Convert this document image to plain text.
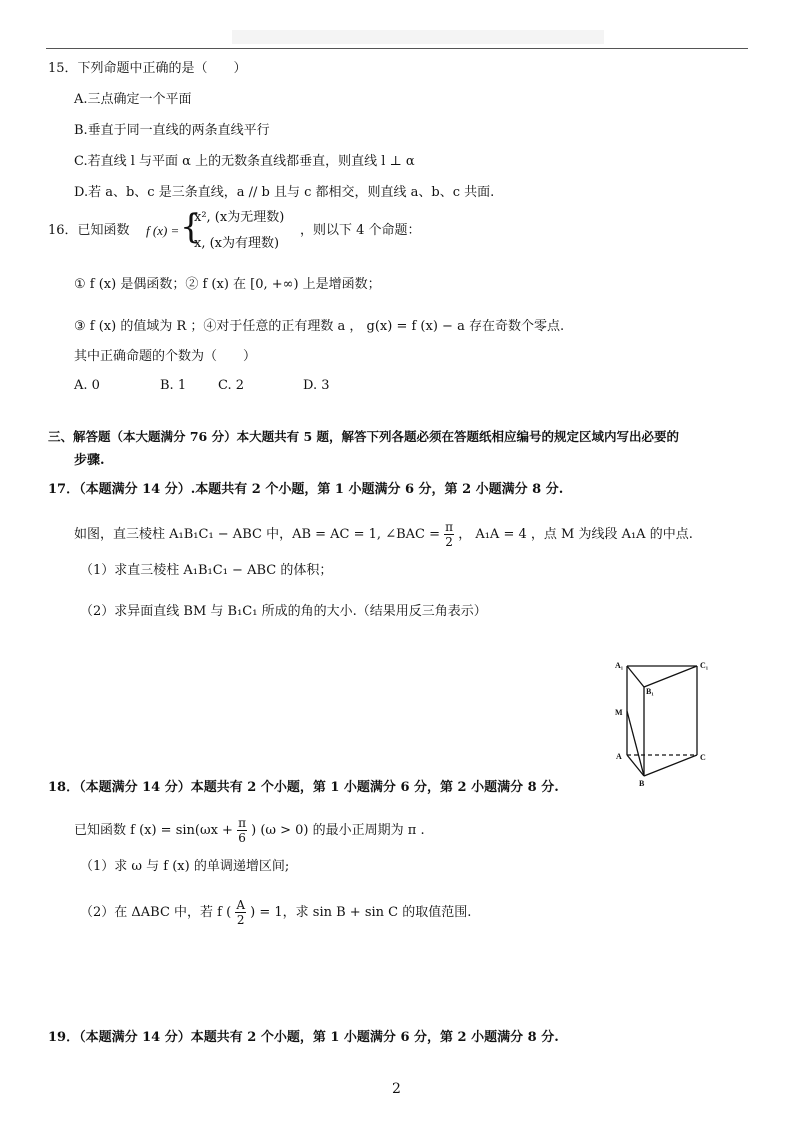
15．下列命题中正确的是（　　）
A.三点确定一个平面
B.垂直于同一直线的两条直线平行
C.若直线 l 与平面 α 上的无数条直线都垂直，则直线 l ⊥ α
D.若 a、b、c 是三条直线，a // b 且与 c 都相交，则直线 a、b、c 共面.
16．已知函数 f (x) = {
x², (x为无理数)
x, (x为有理数)
，则以下 4 个命题：
① f (x) 是偶函数；② f (x) 在 [0, +∞) 上是增函数；
③ f (x) 的值域为 R ；④对于任意的正有理数 a ， g(x) = f (x) − a 存在奇数个零点.
其中正确命题的个数为（　　）
A. 0	B. 1 C. 2	D. 3
三、解答题（本大题满分 76 分）本大题共有 5 题，解答下列各题必须在答题纸相应编号的规定区域内写出必要的
步骤.
17．（本题满分 14 分）.本题共有 2 个小题，第 1 小题满分 6 分，第 2 小题满分 8 分.
如图，直三棱柱 A₁B₁C₁ − ABC 中，AB = AC = 1, ∠BAC = $\frac{\pi}{2}$ ， A₁A = 4 ，点 M 为线段 A₁A 的中点.
（1）求直三棱柱 A₁B₁C₁ − ABC 的体积；
（2）求异面直线 BM 与 B₁C₁ 所成的角的大小.（结果用反三角表示）
A₁	C₁
B₁
M
A	C
B
18．（本题满分 14 分）本题共有 2 个小题，第 1 小题满分 6 分，第 2 小题满分 8 分.
已知函数 f $(x) = \sin(\omega x + \frac{\pi}{6}$ ) (ω > 0) 的最小正周期为 π .
（1）求 ω 与 f (x) 的单调递增区间;
（2）在 ΔABC 中，若 f ( $\frac{A}{2}$ ) = 1，求 sin B + sin C 的取值范围.
19．（本题满分 14 分）本题共有 2 个小题，第 1 小题满分 6 分，第 2 小题满分 8 分.
2
